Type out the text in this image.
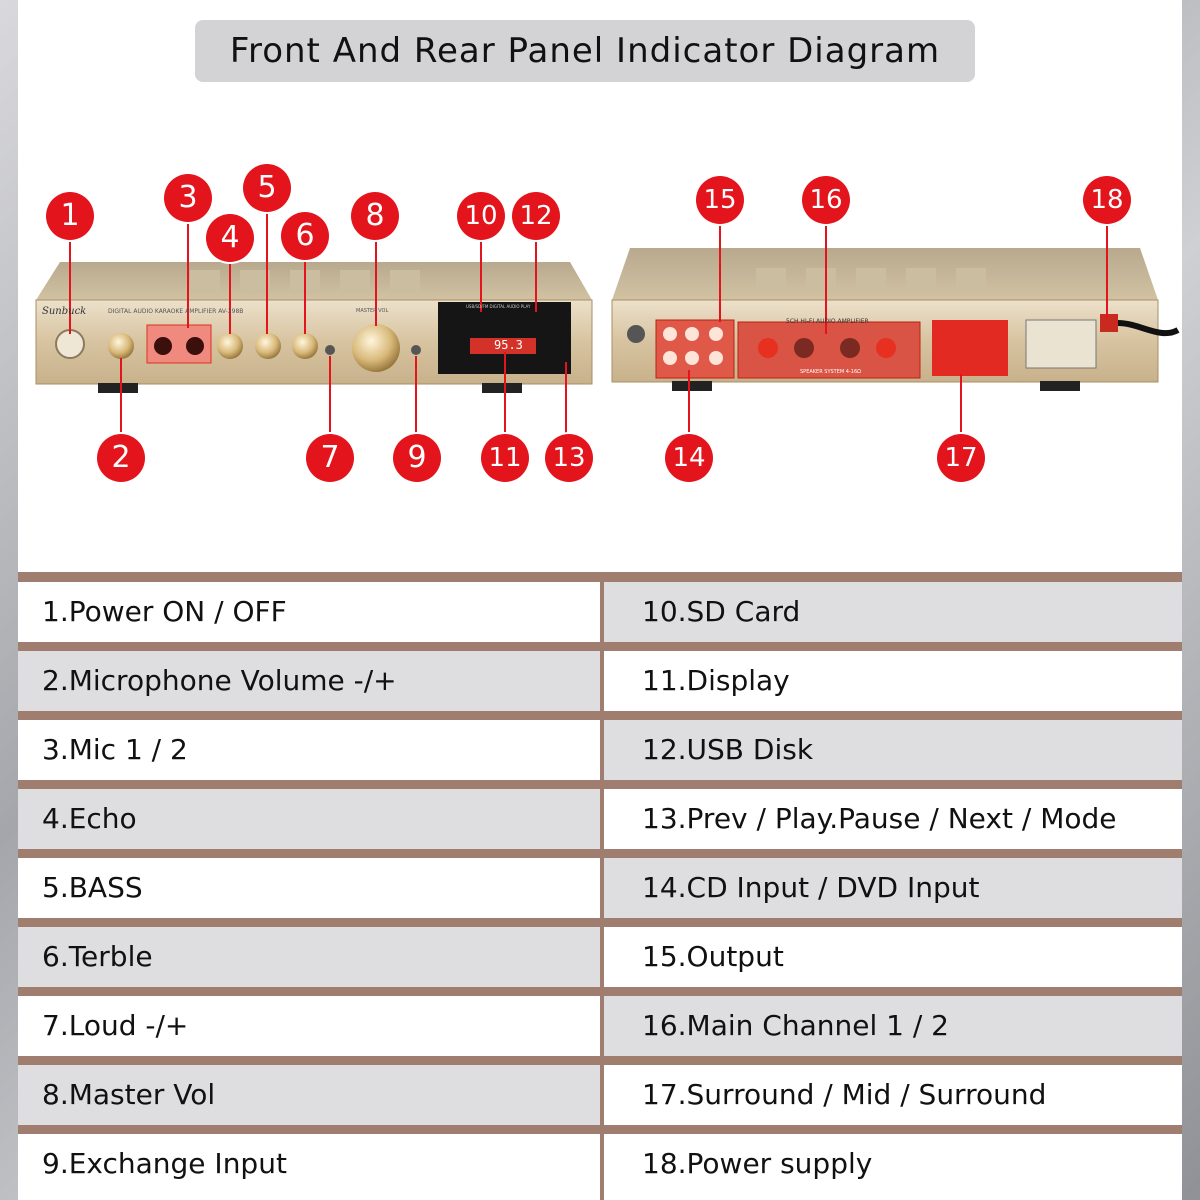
Front And Rear Panel Indicator Diagram
Sunbuck	DIGITAL AUDIO KARAOKE AMPLIFIER AV-298B	MASTER VOL
USB/SD/FM DIGITAL AUDIO PLAY
95.3
5CH HI-FI AUDIO AMPLIFIER
SPEAKER SYSTEM 4-16Ω
1
2
3
4
5
6
7
8
9
10
11
12
13	14
15	16
17
18
1.Power ON / OFF	10.SD Card
2.Microphone Volume -/+	11.Display
3.Mic 1 / 2	12.USB Disk
4.Echo	13.Prev / Play.Pause / Next / Mode
5.BASS	14.CD Input / DVD Input
6.Terble	15.Output
7.Loud -/+	16.Main Channel 1 / 2
8.Master Vol	17.Surround / Mid / Surround
9.Exchange Input	18.Power supply
